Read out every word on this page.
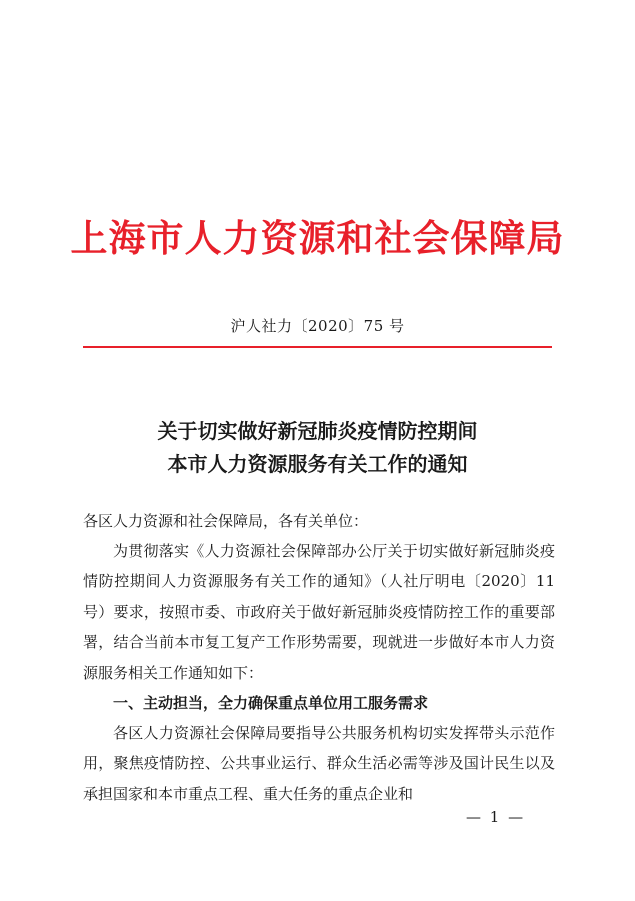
上海市人力资源和社会保障局
沪人社力〔2020〕75 号
关于切实做好新冠肺炎疫情防控期间
本市人力资源服务有关工作的通知
各区人力资源和社会保障局，各有关单位：
为贯彻落实《人力资源社会保障部办公厅关于切实做好新冠肺炎疫情防控期间人力资源服务有关工作的通知》（人社厅明电〔2020〕11 号）要求，按照市委、市政府关于做好新冠肺炎疫情防控工作的重要部署，结合当前本市复工复产工作形势需要，现就进一步做好本市人力资源服务相关工作通知如下：
一、主动担当，全力确保重点单位用工服务需求
各区人力资源社会保障局要指导公共服务机构切实发挥带头示范作用，聚焦疫情防控、公共事业运行、群众生活必需等涉及国计民生以及承担国家和本市重点工程、重大任务的重点企业和
— 1 —
